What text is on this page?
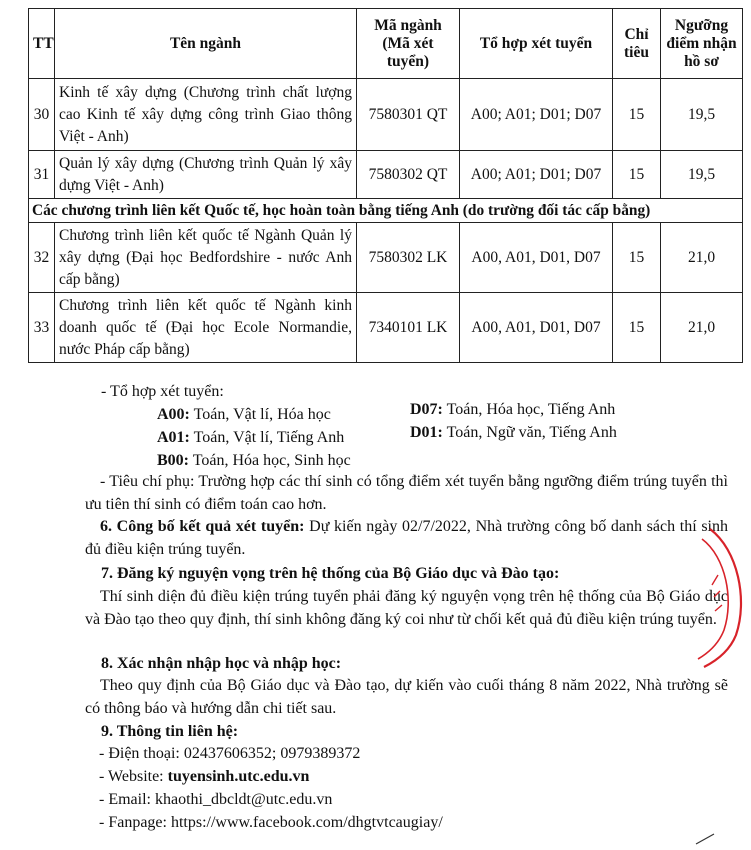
TT	Tên ngành	Mã ngành (Mã xét tuyển)	Tổ hợp xét tuyển	Chỉ tiêu	Ngưỡng điểm nhận hồ sơ
30	Kinh tế xây dựng (Chương trình chất lượng cao Kinh tế xây dựng công trình Giao thông Việt - Anh)	7580301 QT	A00; A01; D01; D07	15	19,5
31	Quản lý xây dựng (Chương trình Quản lý xây dựng Việt - Anh)	7580302 QT	A00; A01; D01; D07	15	19,5
Các chương trình liên kết Quốc tế, học hoàn toàn bằng tiếng Anh (do trường đối tác cấp bằng)					
32	Chương trình liên kết quốc tế Ngành Quản lý xây dựng (Đại học Bedfordshire - nước Anh cấp bằng)	7580302 LK	A00, A01, D01, D07	15	21,0
33	Chương trình liên kết quốc tế Ngành kinh doanh quốc tế (Đại học Ecole Normandie, nước Pháp cấp bằng)	7340101 LK	A00, A01, D01, D07	15	21,0
- Tổ hợp xét tuyển:
A00: Toán, Vật lí, Hóa học	D07: Toán, Hóa học, Tiếng Anh
A01: Toán, Vật lí, Tiếng Anh	D01: Toán, Ngữ văn, Tiếng Anh
B00: Toán, Hóa học, Sinh học
- Tiêu chí phụ: Trường hợp các thí sinh có tổng điểm xét tuyển bằng ngưỡng điểm trúng tuyển thì ưu tiên thí sinh có điểm toán cao hơn.
6. Công bố kết quả xét tuyển: Dự kiến ngày 02/7/2022, Nhà trường công bố danh sách thí sinh đủ điều kiện trúng tuyển.
7. Đăng ký nguyện vọng trên hệ thống của Bộ Giáo dục và Đào tạo:
Thí sinh diện đủ điều kiện trúng tuyển phải đăng ký nguyện vọng trên hệ thống của Bộ Giáo dục và Đào tạo theo quy định, thí sinh không đăng ký coi như từ chối kết quả đủ điều kiện trúng tuyển.
8. Xác nhận nhập học và nhập học:
Theo quy định của Bộ Giáo dục và Đào tạo, dự kiến vào cuối tháng 8 năm 2022, Nhà trường sẽ có thông báo và hướng dẫn chi tiết sau.
9. Thông tin liên hệ:
- Điện thoại: 02437606352; 0979389372
- Website: tuyensinh.utc.edu.vn
- Email: khaothi_dbcldt@utc.edu.vn
- Fanpage: https://www.facebook.com/dhgtvtcaugiay/
